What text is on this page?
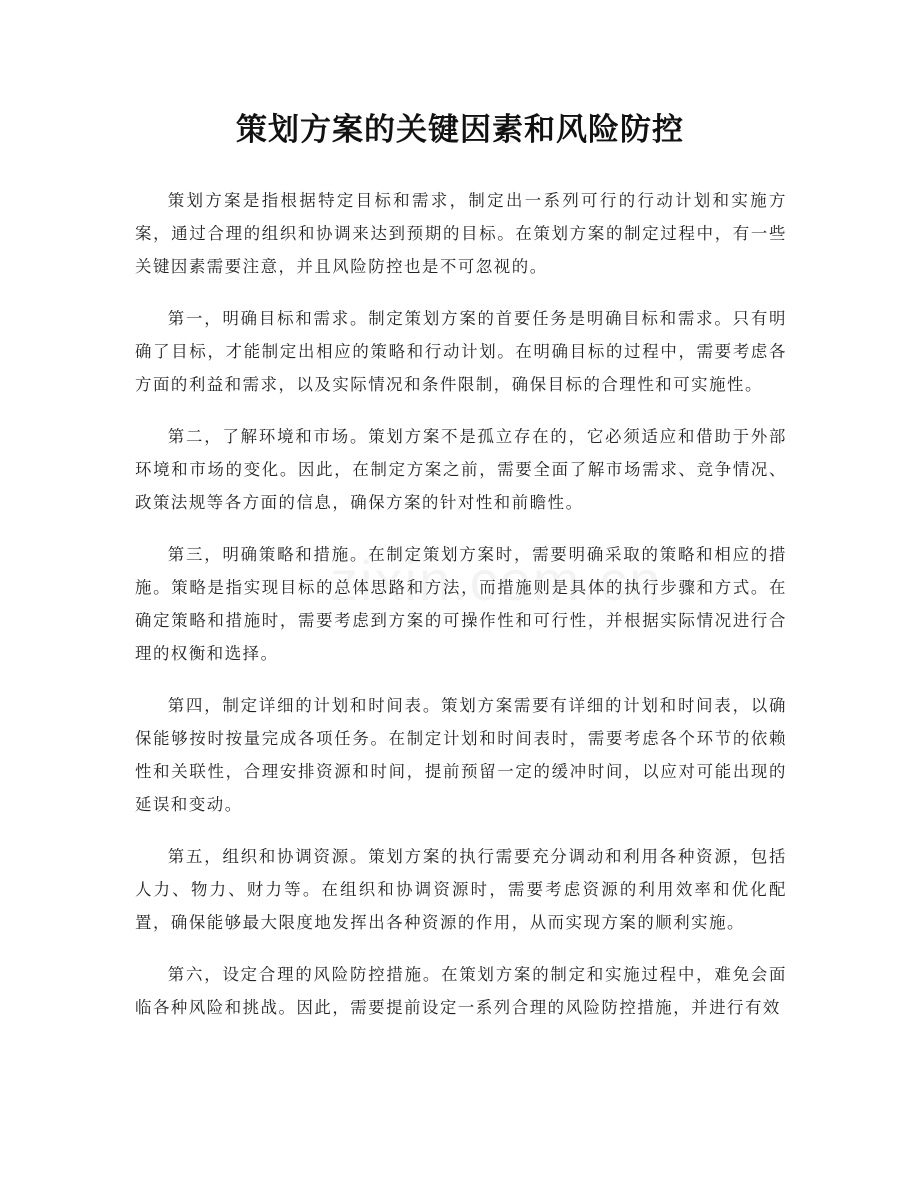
策划方案的关键因素和风险防控

策划方案是指根据特定目标和需求，制定出一系列可行的行动计划和实施方案，通过合理的组织和协调来达到预期的目标。在策划方案的制定过程中，有一些关键因素需要注意，并且风险防控也是不可忽视的。

第一，明确目标和需求。制定策划方案的首要任务是明确目标和需求。只有明确了目标，才能制定出相应的策略和行动计划。在明确目标的过程中，需要考虑各方面的利益和需求，以及实际情况和条件限制，确保目标的合理性和可实施性。

第二，了解环境和市场。策划方案不是孤立存在的，它必须适应和借助于外部环境和市场的变化。因此，在制定方案之前，需要全面了解市场需求、竞争情况、政策法规等各方面的信息，确保方案的针对性和前瞻性。

第三，明确策略和措施。在制定策划方案时，需要明确采取的策略和相应的措施。策略是指实现目标的总体思路和方法，而措施则是具体的执行步骤和方式。在确定策略和措施时，需要考虑到方案的可操作性和可行性，并根据实际情况进行合理的权衡和选择。

第四，制定详细的计划和时间表。策划方案需要有详细的计划和时间表，以确保能够按时按量完成各项任务。在制定计划和时间表时，需要考虑各个环节的依赖性和关联性，合理安排资源和时间，提前预留一定的缓冲时间，以应对可能出现的延误和变动。

第五，组织和协调资源。策划方案的执行需要充分调动和利用各种资源，包括人力、物力、财力等。在组织和协调资源时，需要考虑资源的利用效率和优化配置，确保能够最大限度地发挥出各种资源的作用，从而实现方案的顺利实施。

第六，设定合理的风险防控措施。在策划方案的制定和实施过程中，难免会面临各种风险和挑战。因此，需要提前设定一系列合理的风险防控措施，并进行有效
